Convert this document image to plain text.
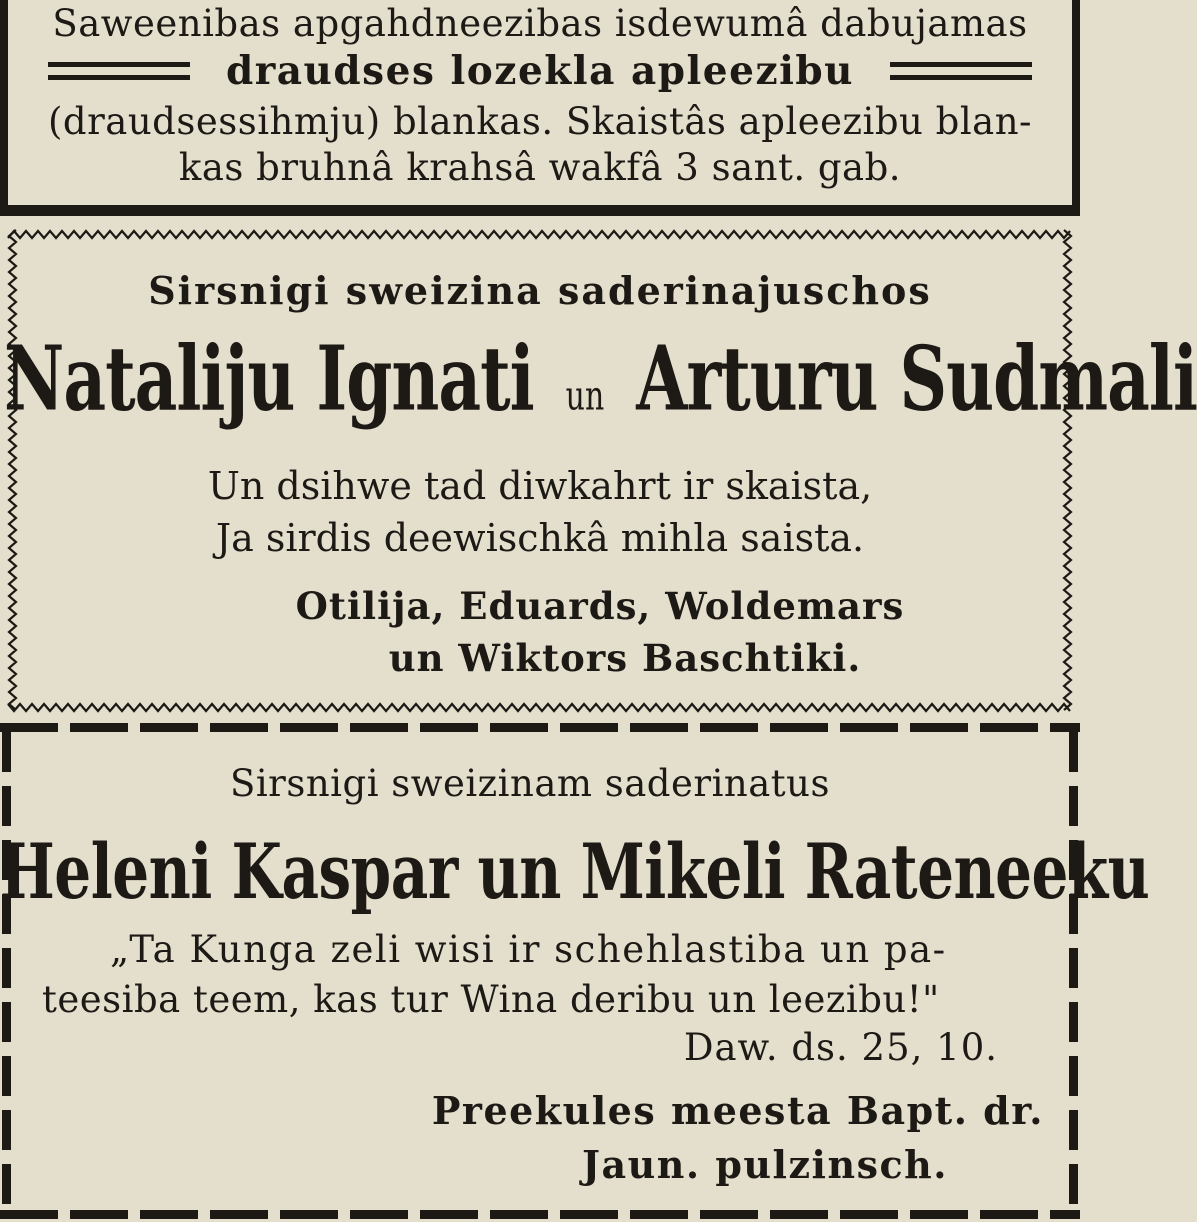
Saweenibas apgahdneezibas isdewumâ dabujamas
draudses lozekla apleezibu
(draudsessihmju) blankas. Skaistâs apleezibu blan-
kas bruhnâ krahsâ wakfâ 3 sant. gab.
Sirsnigi sweizina saderinajuschos
Nataliju Ignati un Arturu Sudmali
Un dsihwe tad diwkahrt ir skaista,
Ja sirdis deewischkâ mihla saista.
Otilija, Eduards, Woldemars
un Wiktors Baschtiki.
Sirsnigi sweizinam saderinatus
Heleni Kaspar un Mikeli Rateneeku
„Ta Kunga zeli wisi ir schehlastiba un pa-
teesiba teem, kas tur Wina deribu un leezibu!"
Daw. ds. 25, 10.
Preekules meesta Bapt. dr.
Jaun. pulzinsch.
